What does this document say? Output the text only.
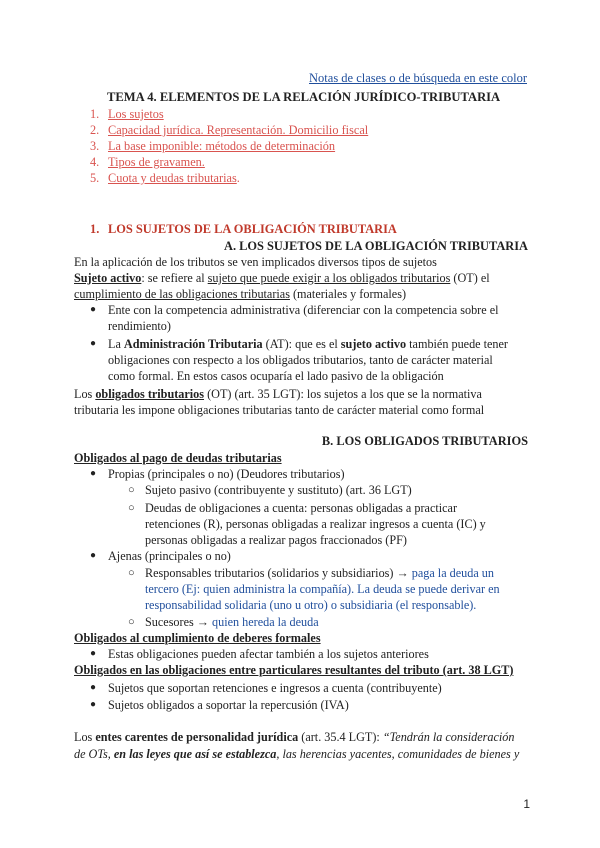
Notas de clases o de búsqueda en este color
TEMA 4. ELEMENTOS DE LA RELACIÓN JURÍDICO-TRIBUTARIA
1. Los sujetos
2. Capacidad jurídica. Representación. Domicilio fiscal
3. La base imponible: métodos de determinación
4. Tipos de gravamen.
5. Cuota y deudas tributarias.
1. LOS SUJETOS DE LA OBLIGACIÓN TRIBUTARIA
A. LOS SUJETOS DE LA OBLIGACIÓN TRIBUTARIA
En la aplicación de los tributos se ven implicados diversos tipos de sujetos
Sujeto activo: se refiere al sujeto que puede exigir a los obligados tributarios (OT) el
cumplimiento de las obligaciones tributarias (materiales y formales)
● Ente con la competencia administrativa (diferenciar con la competencia sobre el
rendimiento)
● La Administración Tributaria (AT): que es el sujeto activo también puede tener
obligaciones con respecto a los obligados tributarios, tanto de carácter material
como formal. En estos casos ocuparía el lado pasivo de la obligación
Los obligados tributarios (OT) (art. 35 LGT): los sujetos a los que se la normativa
tributaria les impone obligaciones tributarias tanto de carácter material como formal
B. LOS OBLIGADOS TRIBUTARIOS
Obligados al pago de deudas tributarias
● Propias (principales o no) (Deudores tributarios)
○ Sujeto pasivo (contribuyente y sustituto) (art. 36 LGT)
○ Deudas de obligaciones a cuenta: personas obligadas a practicar
retenciones (R), personas obligadas a realizar ingresos a cuenta (IC) y
personas obligadas a realizar pagos fraccionados (PF)
● Ajenas (principales o no)
○ Responsables tributarios (solidarios y subsidiarios) → paga la deuda un
tercero (Ej: quien administra la compañía). La deuda se puede derivar en
responsabilidad solidaria (uno u otro) o subsidiaria (el responsable).
○ Sucesores → quien hereda la deuda
Obligados al cumplimiento de deberes formales
● Estas obligaciones pueden afectar también a los sujetos anteriores
Obligados en las obligaciones entre particulares resultantes del tributo (art. 38 LGT)
● Sujetos que soportan retenciones e ingresos a cuenta (contribuyente)
● Sujetos obligados a soportar la repercusión (IVA)
Los entes carentes de personalidad jurídica (art. 35.4 LGT): “Tendrán la consideración
de OTs, en las leyes que así se establezca, las herencias yacentes, comunidades de bienes y
1
